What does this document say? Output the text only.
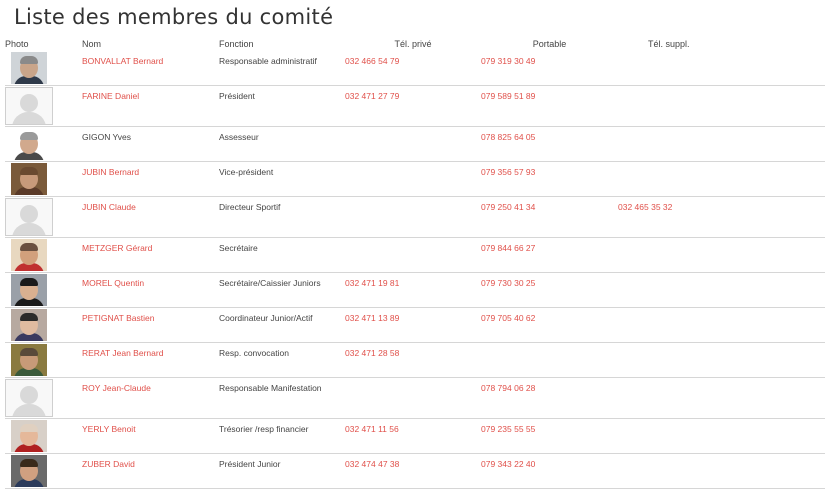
Liste des membres du comité
Photo	Nom	Fonction	Tél. privé	Portable	Tél. suppl.

	BONVALLAT Bernard	Responsable administratif	032 466 54 79	079 319 30 49	

	FARINE Daniel	Président	032 471 27 79	079 589 51 89	

	GIGON Yves	Assesseur		078 825 64 05	

	JUBIN Bernard	Vice-président		079 356 57 93	

	JUBIN Claude	Directeur Sportif		079 250 41 34	032 465 35 32

	METZGER Gérard	Secrétaire		079 844 66 27	

	MOREL Quentin	Secrétaire/Caissier Juniors	032 471 19 81	079 730 30 25	

	PETIGNAT Bastien	Coordinateur Junior/Actif	032 471 13 89	079 705 40 62	

	RERAT Jean Bernard	Resp. convocation	032 471 28 58		

	ROY Jean-Claude	Responsable Manifestation		078 794 06 28	

	YERLY Benoit	Trésorier /resp financier	032 471 11 56	079 235 55 55	

	ZUBER David	Président Junior	032 474 47 38	079 343 22 40	
